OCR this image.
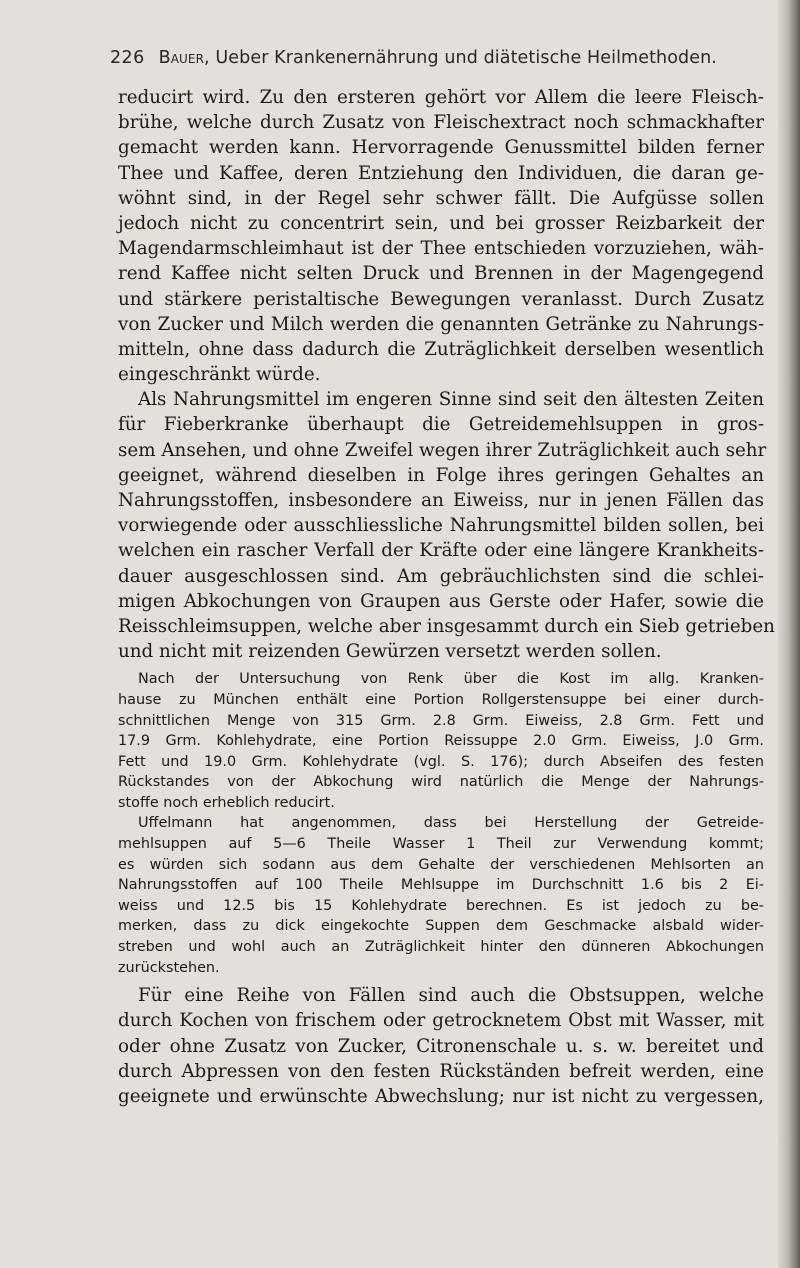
226 Bauer, Ueber Krankenernährung und diätetische Heilmethoden.
reducirt wird. Zu den ersteren gehört vor Allem die leere Fleisch-
brühe, welche durch Zusatz von Fleischextract noch schmackhafter
gemacht werden kann. Hervorragende Genussmittel bilden ferner
Thee und Kaffee, deren Entziehung den Individuen, die daran ge-
wöhnt sind, in der Regel sehr schwer fällt. Die Aufgüsse sollen
jedoch nicht zu concentrirt sein, und bei grosser Reizbarkeit der
Magendarmschleimhaut ist der Thee entschieden vorzuziehen, wäh-
rend Kaffee nicht selten Druck und Brennen in der Magengegend
und stärkere peristaltische Bewegungen veranlasst. Durch Zusatz
von Zucker und Milch werden die genannten Getränke zu Nahrungs-
mitteln, ohne dass dadurch die Zuträglichkeit derselben wesentlich
eingeschränkt würde.
Als Nahrungsmittel im engeren Sinne sind seit den ältesten Zeiten
für Fieberkranke überhaupt die Getreidemehlsuppen in gros-
sem Ansehen, und ohne Zweifel wegen ihrer Zuträglichkeit auch sehr
geeignet, während dieselben in Folge ihres geringen Gehaltes an
Nahrungsstoffen, insbesondere an Eiweiss, nur in jenen Fällen das
vorwiegende oder ausschliessliche Nahrungsmittel bilden sollen, bei
welchen ein rascher Verfall der Kräfte oder eine längere Krankheits-
dauer ausgeschlossen sind. Am gebräuchlichsten sind die schlei-
migen Abkochungen von Graupen aus Gerste oder Hafer, sowie die
Reisschleimsuppen, welche aber insgesammt durch ein Sieb getrieben
und nicht mit reizenden Gewürzen versetzt werden sollen.
Nach der Untersuchung von Renk über die Kost im allg. Kranken-
hause zu München enthält eine Portion Rollgerstensuppe bei einer durch-
schnittlichen Menge von 315 Grm. 2.8 Grm. Eiweiss, 2.8 Grm. Fett und
17.9 Grm. Kohlehydrate, eine Portion Reissuppe 2.0 Grm. Eiweiss, J.0 Grm.
Fett und 19.0 Grm. Kohlehydrate (vgl. S. 176); durch Abseifen des festen
Rückstandes von der Abkochung wird natürlich die Menge der Nahrungs-
stoffe noch erheblich reducirt.
Uffelmann hat angenommen, dass bei Herstellung der Getreide-
mehlsuppen auf 5—6 Theile Wasser 1 Theil zur Verwendung kommt;
es würden sich sodann aus dem Gehalte der verschiedenen Mehlsorten an
Nahrungsstoffen auf 100 Theile Mehlsuppe im Durchschnitt 1.6 bis 2 Ei-
weiss und 12.5 bis 15 Kohlehydrate berechnen. Es ist jedoch zu be-
merken, dass zu dick eingekochte Suppen dem Geschmacke alsbald wider-
streben und wohl auch an Zuträglichkeit hinter den dünneren Abkochungen
zurückstehen.
Für eine Reihe von Fällen sind auch die Obstsuppen, welche
durch Kochen von frischem oder getrocknetem Obst mit Wasser, mit
oder ohne Zusatz von Zucker, Citronenschale u. s. w. bereitet und
durch Abpressen von den festen Rückständen befreit werden, eine
geeignete und erwünschte Abwechslung; nur ist nicht zu vergessen,
